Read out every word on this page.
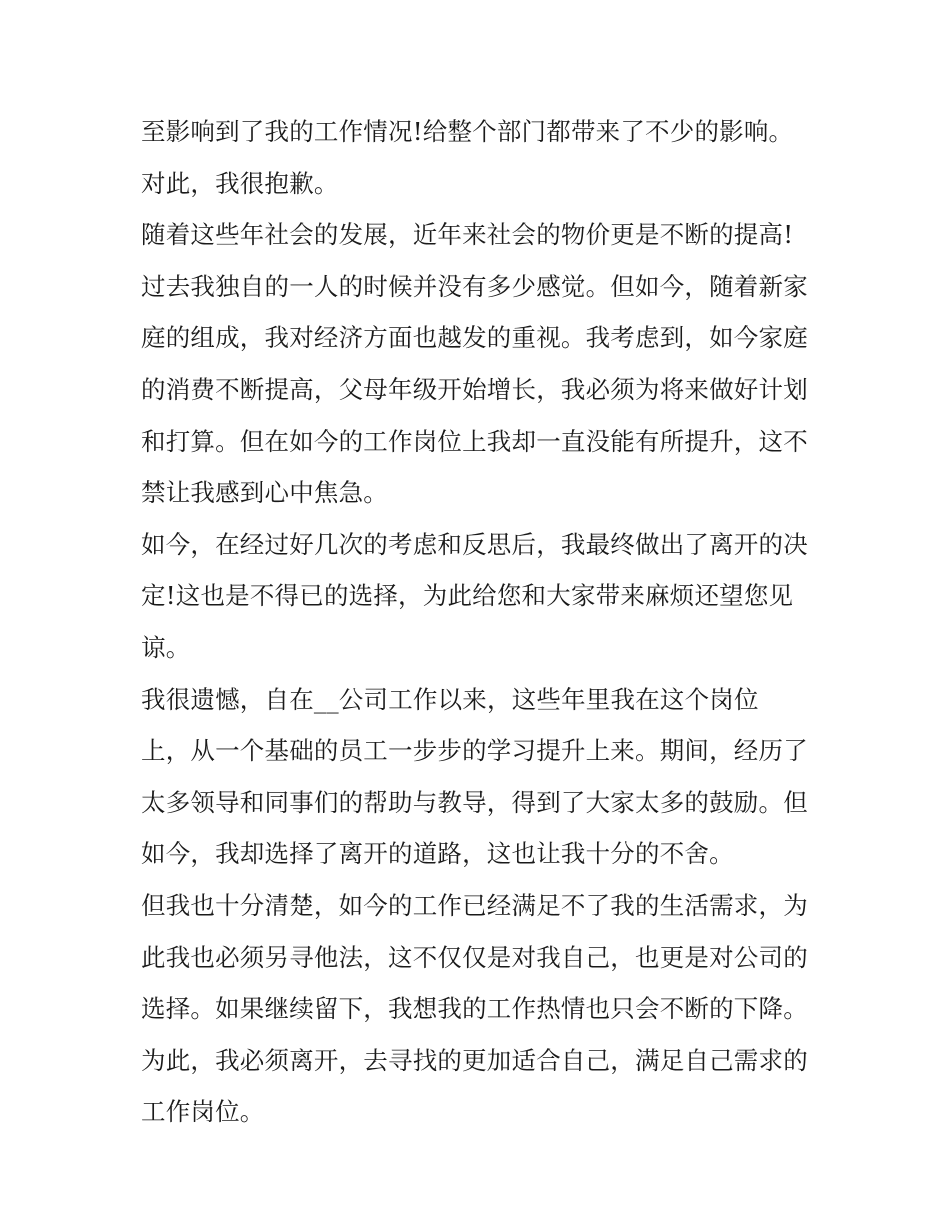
至影响到了我的工作情况!给整个部门都带来了不少的影响。
对此，我很抱歉。
随着这些年社会的发展，近年来社会的物价更是不断的提高!
过去我独自的一人的时候并没有多少感觉。但如今，随着新家
庭的组成，我对经济方面也越发的重视。我考虑到，如今家庭
的消费不断提高，父母年级开始增长，我必须为将来做好计划
和打算。但在如今的工作岗位上我却一直没能有所提升，这不
禁让我感到心中焦急。
如今，在经过好几次的考虑和反思后，我最终做出了离开的决
定!这也是不得已的选择，为此给您和大家带来麻烦还望您见
谅。
我很遗憾，自在__公司工作以来，这些年里我在这个岗位
上，从一个基础的员工一步步的学习提升上来。期间，经历了
太多领导和同事们的帮助与教导，得到了大家太多的鼓励。但
如今，我却选择了离开的道路，这也让我十分的不舍。
但我也十分清楚，如今的工作已经满足不了我的生活需求，为
此我也必须另寻他法，这不仅仅是对我自己，也更是对公司的
选择。如果继续留下，我想我的工作热情也只会不断的下降。
为此，我必须离开，去寻找的更加适合自己，满足自己需求的
工作岗位。
